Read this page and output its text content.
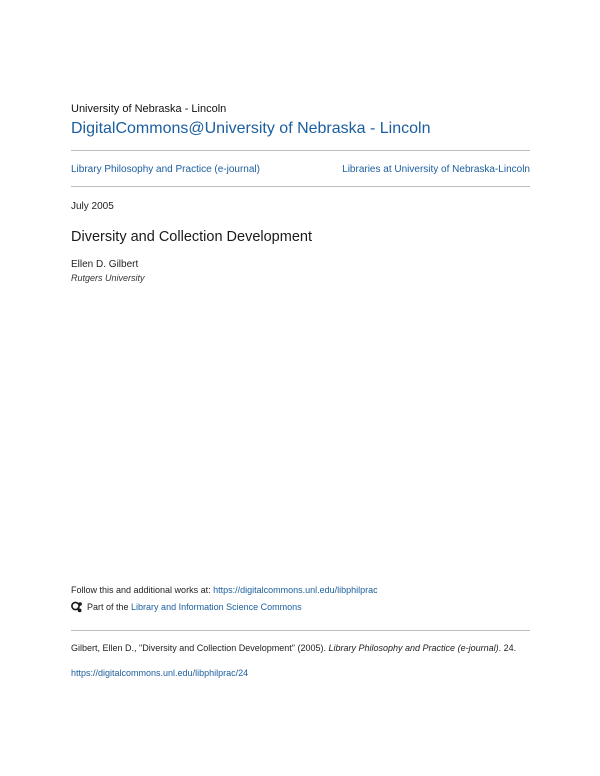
University of Nebraska - Lincoln
DigitalCommons@University of Nebraska - Lincoln
Library Philosophy and Practice (e-journal)	Libraries at University of Nebraska-Lincoln
July 2005
Diversity and Collection Development
Ellen D. Gilbert
Rutgers University
Follow this and additional works at: https://digitalcommons.unl.edu/libphilprac
Part of the
Library and Information Science Commons
Gilbert, Ellen D., "Diversity and Collection Development" (2005). Library Philosophy and Practice (e-journal). 24.
https://digitalcommons.unl.edu/libphilprac/24
